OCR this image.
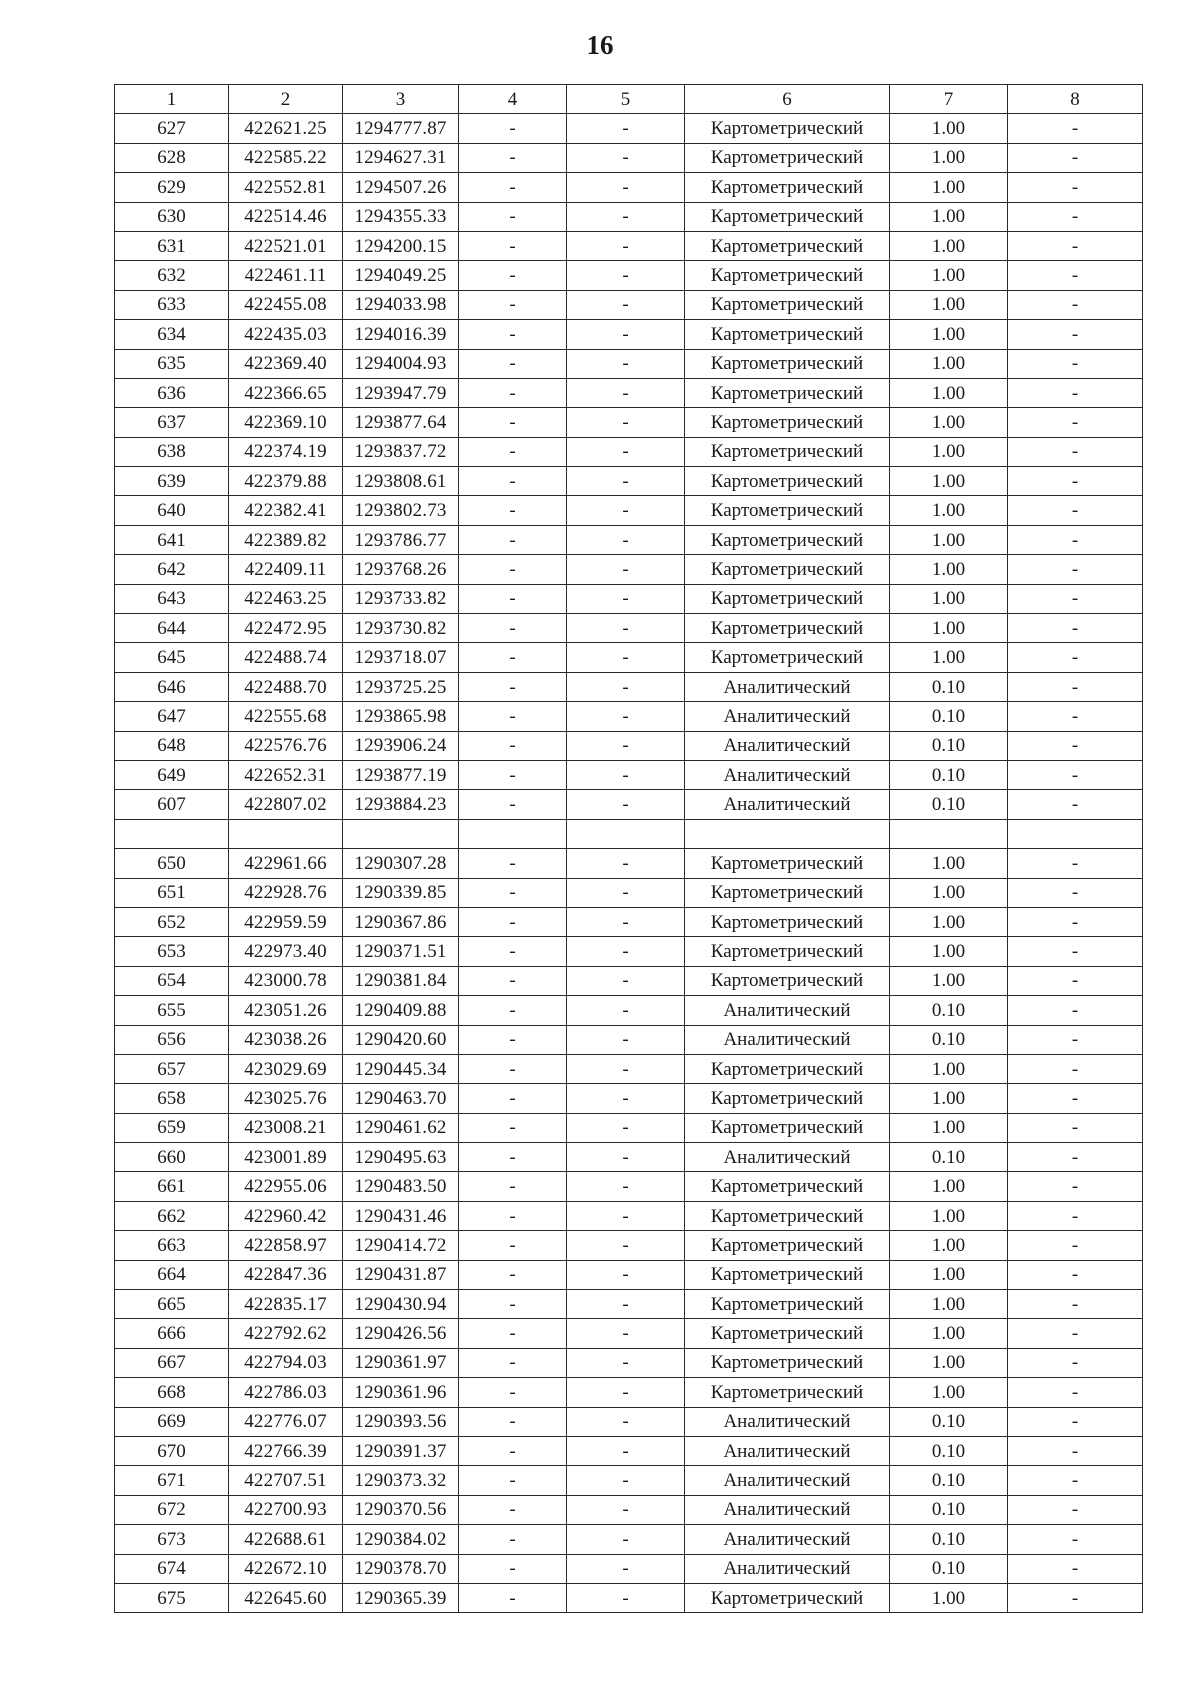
16
1	2	3	4	5	6	7	8
627	422621.25	1294777.87	-	-	Картометрический	1.00	-
628	422585.22	1294627.31	-	-	Картометрический	1.00	-
629	422552.81	1294507.26	-	-	Картометрический	1.00	-
630	422514.46	1294355.33	-	-	Картометрический	1.00	-
631	422521.01	1294200.15	-	-	Картометрический	1.00	-
632	422461.11	1294049.25	-	-	Картометрический	1.00	-
633	422455.08	1294033.98	-	-	Картометрический	1.00	-
634	422435.03	1294016.39	-	-	Картометрический	1.00	-
635	422369.40	1294004.93	-	-	Картометрический	1.00	-
636	422366.65	1293947.79	-	-	Картометрический	1.00	-
637	422369.10	1293877.64	-	-	Картометрический	1.00	-
638	422374.19	1293837.72	-	-	Картометрический	1.00	-
639	422379.88	1293808.61	-	-	Картометрический	1.00	-
640	422382.41	1293802.73	-	-	Картометрический	1.00	-
641	422389.82	1293786.77	-	-	Картометрический	1.00	-
642	422409.11	1293768.26	-	-	Картометрический	1.00	-
643	422463.25	1293733.82	-	-	Картометрический	1.00	-
644	422472.95	1293730.82	-	-	Картометрический	1.00	-
645	422488.74	1293718.07	-	-	Картометрический	1.00	-
646	422488.70	1293725.25	-	-	Аналитический	0.10	-
647	422555.68	1293865.98	-	-	Аналитический	0.10	-
648	422576.76	1293906.24	-	-	Аналитический	0.10	-
649	422652.31	1293877.19	-	-	Аналитический	0.10	-
607	422807.02	1293884.23	-	-	Аналитический	0.10	-

650	422961.66	1290307.28	-	-	Картометрический	1.00	-
651	422928.76	1290339.85	-	-	Картометрический	1.00	-
652	422959.59	1290367.86	-	-	Картометрический	1.00	-
653	422973.40	1290371.51	-	-	Картометрический	1.00	-
654	423000.78	1290381.84	-	-	Картометрический	1.00	-
655	423051.26	1290409.88	-	-	Аналитический	0.10	-
656	423038.26	1290420.60	-	-	Аналитический	0.10	-
657	423029.69	1290445.34	-	-	Картометрический	1.00	-
658	423025.76	1290463.70	-	-	Картометрический	1.00	-
659	423008.21	1290461.62	-	-	Картометрический	1.00	-
660	423001.89	1290495.63	-	-	Аналитический	0.10	-
661	422955.06	1290483.50	-	-	Картометрический	1.00	-
662	422960.42	1290431.46	-	-	Картометрический	1.00	-
663	422858.97	1290414.72	-	-	Картометрический	1.00	-
664	422847.36	1290431.87	-	-	Картометрический	1.00	-
665	422835.17	1290430.94	-	-	Картометрический	1.00	-
666	422792.62	1290426.56	-	-	Картометрический	1.00	-
667	422794.03	1290361.97	-	-	Картометрический	1.00	-
668	422786.03	1290361.96	-	-	Картометрический	1.00	-
669	422776.07	1290393.56	-	-	Аналитический	0.10	-
670	422766.39	1290391.37	-	-	Аналитический	0.10	-
671	422707.51	1290373.32	-	-	Аналитический	0.10	-
672	422700.93	1290370.56	-	-	Аналитический	0.10	-
673	422688.61	1290384.02	-	-	Аналитический	0.10	-
674	422672.10	1290378.70	-	-	Аналитический	0.10	-
675	422645.60	1290365.39	-	-	Картометрический	1.00	-
